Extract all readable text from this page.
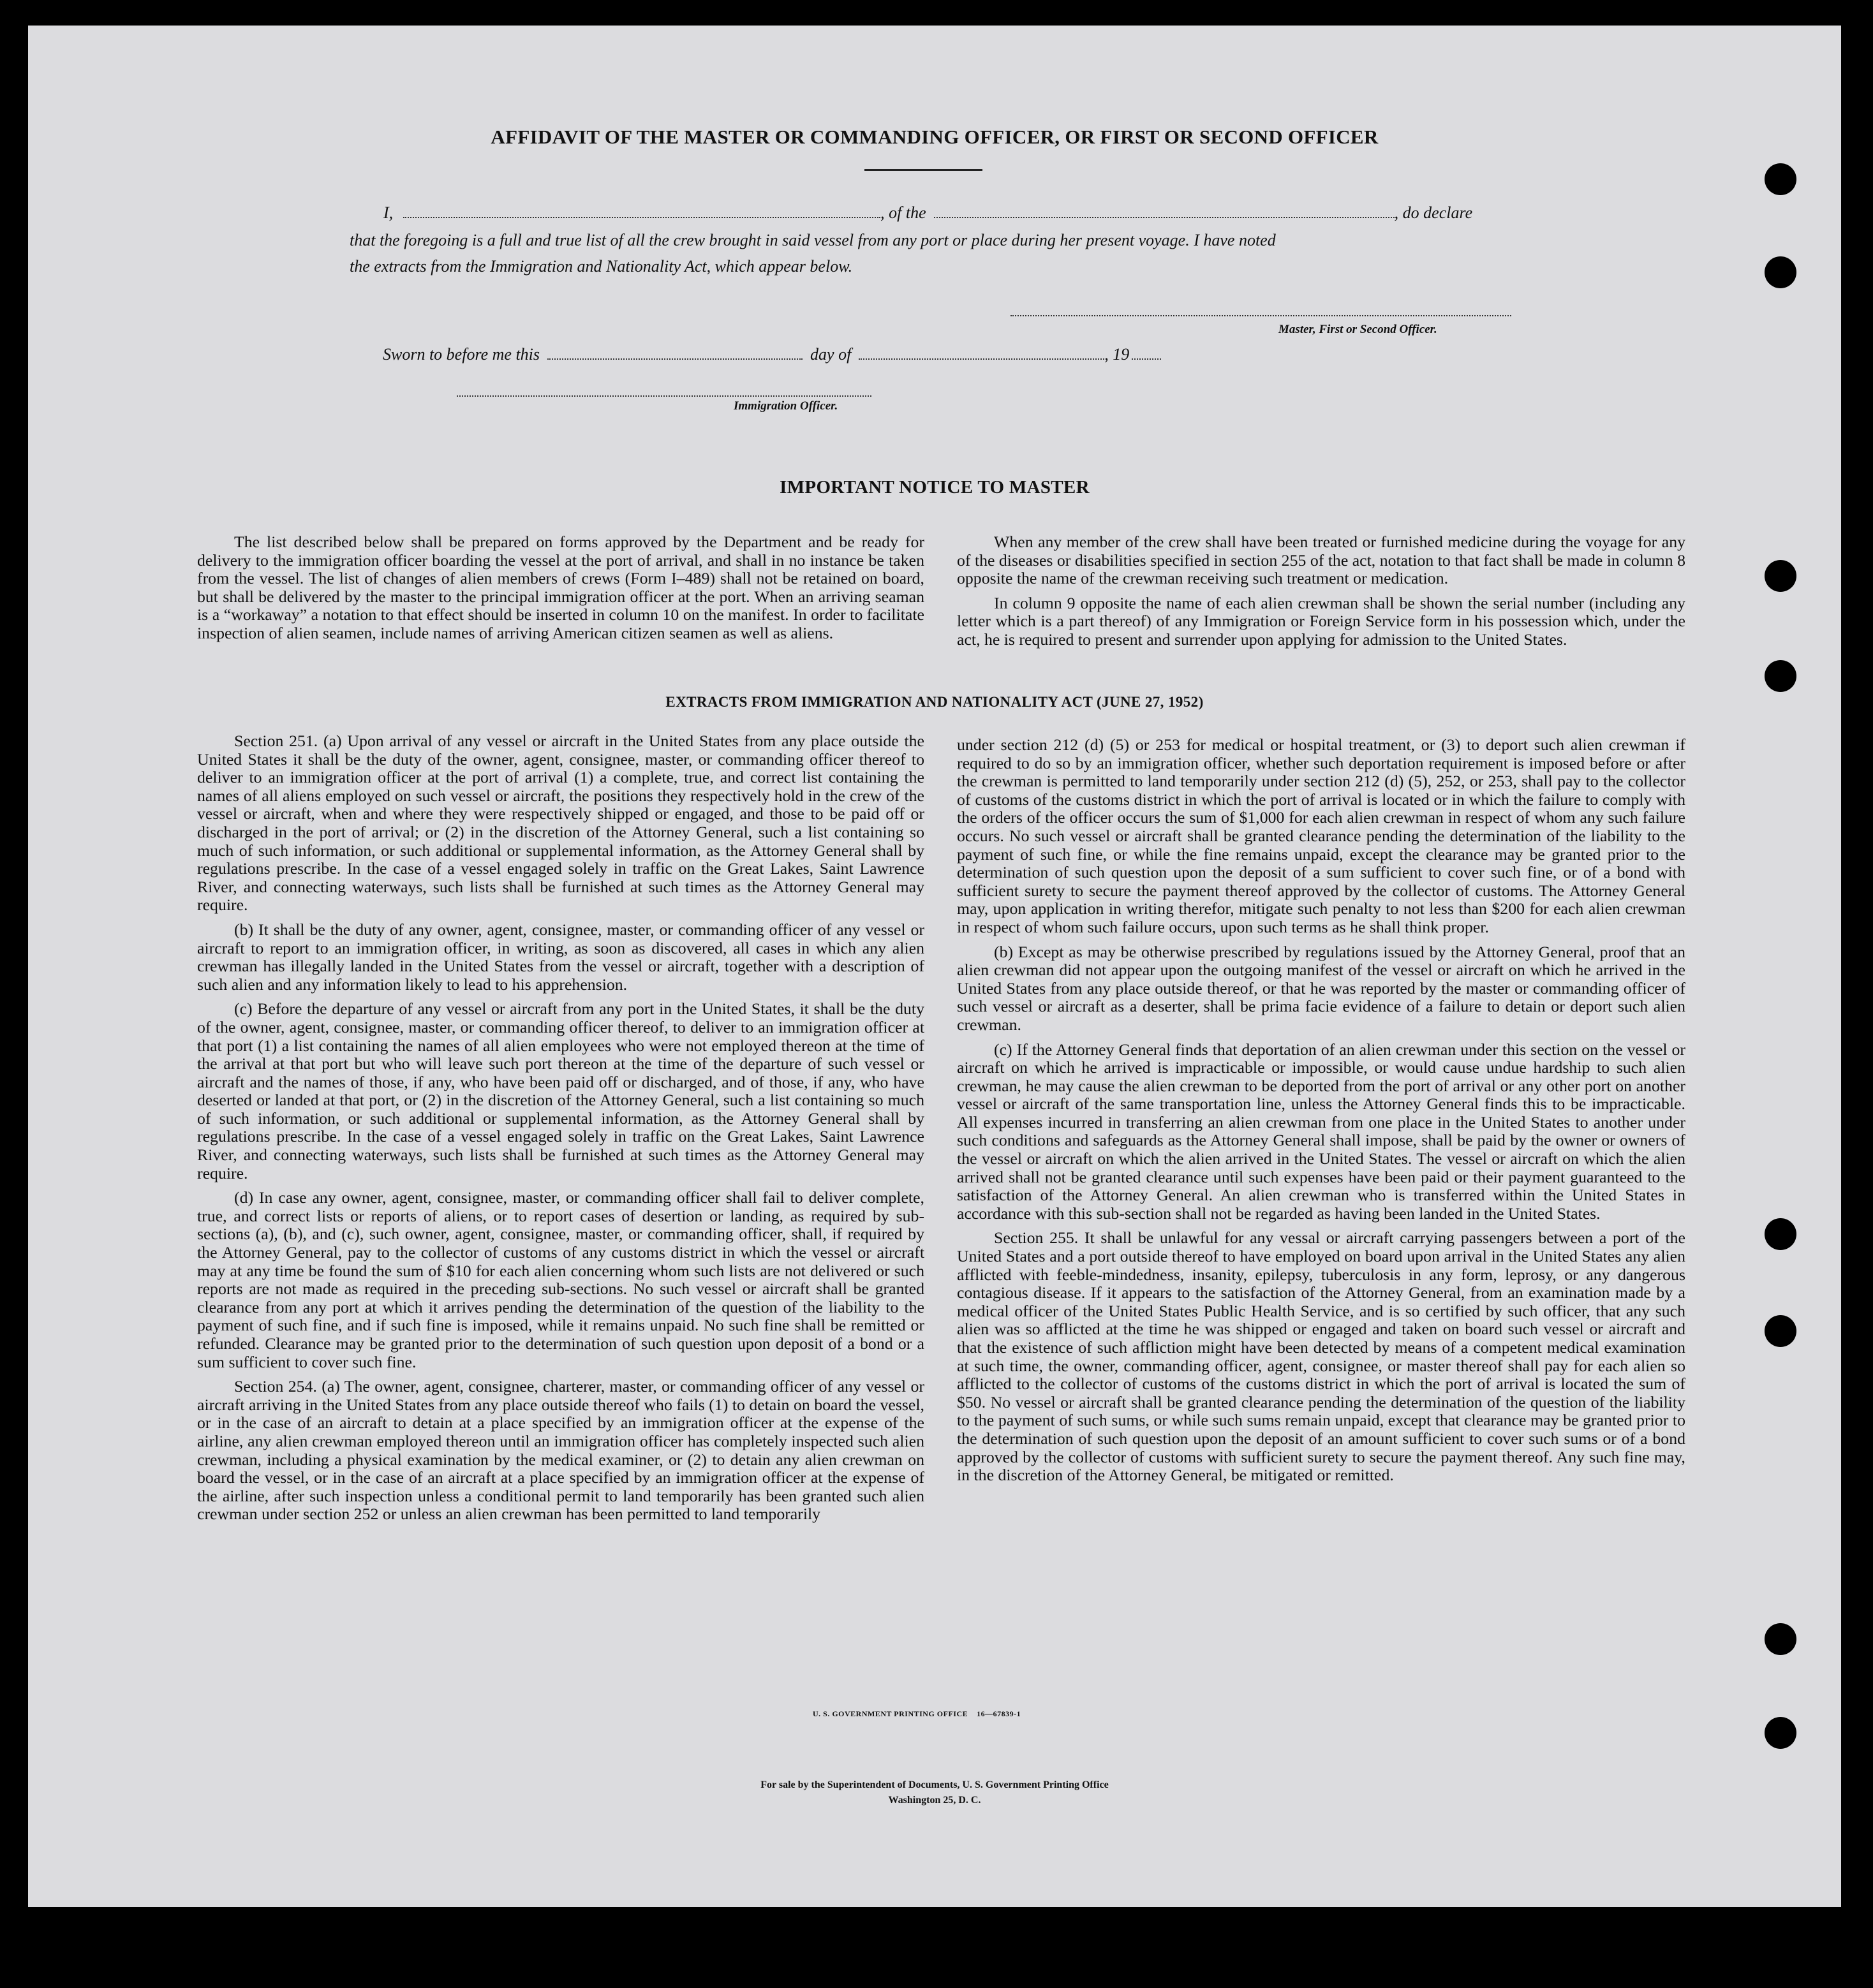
AFFIDAVIT OF THE MASTER OR COMMANDING OFFICER, OR FIRST OR SECOND OFFICER
I,	, of the	, do declare
that the foregoing is a full and true list of all the crew brought in said vessel from any port or place during her present voyage. I have noted
the extracts from the Immigration and Nationality Act, which appear below.
Master, First or Second Officer.
Sworn to before me this	day of	, 19
Immigration Officer.
IMPORTANT NOTICE TO MASTER

The list described below shall be prepared on forms approved by the Department and be ready for delivery to the immigration officer boarding the vessel at the port of arrival, and shall in no instance be taken from the vessel. The list of changes of alien members of crews (Form I–489) shall not be retained on board, but shall be delivered by the master to the principal immigration officer at the port. When an arriving seaman is a “workaway” a notation to that effect should be inserted in column 10 on the manifest. In order to facilitate inspection of alien seamen, include names of arriving American citizen seamen as well as aliens.

When any member of the crew shall have been treated or furnished medicine during the voyage for any of the diseases or disabilities specified in section 255 of the act, notation to that fact shall be made in column 8 opposite the name of the crewman receiving such treatment or medication.

In column 9 opposite the name of each alien crewman shall be shown the serial number (including any letter which is a part thereof) of any Immigration or Foreign Service form in his possession which, under the act, he is required to present and surrender upon applying for admission to the United States.

EXTRACTS FROM IMMIGRATION AND NATIONALITY ACT (JUNE 27, 1952)

Section 251. (a) Upon arrival of any vessel or aircraft in the United States from any place outside the United States it shall be the duty of the owner, agent, consignee, master, or commanding officer thereof to deliver to an immigration officer at the port of arrival (1) a complete, true, and correct list containing the names of all aliens employed on such vessel or aircraft, the positions they respectively hold in the crew of the vessel or aircraft, when and where they were respectively shipped or engaged, and those to be paid off or discharged in the port of arrival; or (2) in the discretion of the Attorney General, such a list containing so much of such information, or such additional or supplemental information, as the Attorney General shall by regulations prescribe. In the case of a vessel engaged solely in traffic on the Great Lakes, Saint Lawrence River, and connecting waterways, such lists shall be furnished at such times as the Attorney General may require.

(b) It shall be the duty of any owner, agent, consignee, master, or commanding officer of any vessel or aircraft to report to an immigration officer, in writing, as soon as discovered, all cases in which any alien crewman has illegally landed in the United States from the vessel or aircraft, together with a description of such alien and any information likely to lead to his apprehension.

(c) Before the departure of any vessel or aircraft from any port in the United States, it shall be the duty of the owner, agent, consignee, master, or commanding officer thereof, to deliver to an immigration officer at that port (1) a list containing the names of all alien employees who were not employed thereon at the time of the arrival at that port but who will leave such port thereon at the time of the departure of such vessel or aircraft and the names of those, if any, who have been paid off or discharged, and of those, if any, who have deserted or landed at that port, or (2) in the discretion of the Attorney General, such a list containing so much of such information, or such additional or supplemental information, as the Attorney General shall by regulations prescribe. In the case of a vessel engaged solely in traffic on the Great Lakes, Saint Lawrence River, and connecting waterways, such lists shall be furnished at such times as the Attorney General may require.

(d) In case any owner, agent, consignee, master, or commanding officer shall fail to deliver complete, true, and correct lists or reports of aliens, or to report cases of desertion or landing, as required by sub-sections (a), (b), and (c), such owner, agent, consignee, master, or commanding officer, shall, if required by the Attorney General, pay to the collector of customs of any customs district in which the vessel or aircraft may at any time be found the sum of $10 for each alien concerning whom such lists are not delivered or such reports are not made as required in the preceding sub-sections. No such vessel or aircraft shall be granted clearance from any port at which it arrives pending the determination of the question of the liability to the payment of such fine, and if such fine is imposed, while it remains unpaid. No such fine shall be remitted or refunded. Clearance may be granted prior to the determination of such question upon deposit of a bond or a sum sufficient to cover such fine.

Section 254. (a) The owner, agent, consignee, charterer, master, or commanding officer of any vessel or aircraft arriving in the United States from any place outside thereof who fails (1) to detain on board the vessel, or in the case of an aircraft to detain at a place specified by an immigration officer at the expense of the airline, any alien crewman employed thereon until an immigration officer has completely inspected such alien crewman, including a physical examination by the medical examiner, or (2) to detain any alien crewman on board the vessel, or in the case of an aircraft at a place specified by an immigration officer at the expense of the airline, after such inspection unless a conditional permit to land temporarily has been granted such alien crewman under section 252 or unless an alien crewman has been permitted to land temporarily

under section 212 (d) (5) or 253 for medical or hospital treatment, or (3) to deport such alien crewman if required to do so by an immigration officer, whether such deportation requirement is imposed before or after the crewman is permitted to land temporarily under section 212 (d) (5), 252, or 253, shall pay to the collector of customs of the customs district in which the port of arrival is located or in which the failure to comply with the orders of the officer occurs the sum of $1,000 for each alien crewman in respect of whom any such failure occurs. No such vessel or aircraft shall be granted clearance pending the determination of the liability to the payment of such fine, or while the fine remains unpaid, except the clearance may be granted prior to the determination of such question upon the deposit of a sum sufficient to cover such fine, or of a bond with sufficient surety to secure the payment thereof approved by the collector of customs. The Attorney General may, upon application in writing therefor, mitigate such penalty to not less than $200 for each alien crewman in respect of whom such failure occurs, upon such terms as he shall think proper.

(b) Except as may be otherwise prescribed by regulations issued by the Attorney General, proof that an alien crewman did not appear upon the outgoing manifest of the vessel or aircraft on which he arrived in the United States from any place outside thereof, or that he was reported by the master or commanding officer of such vessel or aircraft as a deserter, shall be prima facie evidence of a failure to detain or deport such alien crewman.

(c) If the Attorney General finds that deportation of an alien crewman under this section on the vessel or aircraft on which he arrived is impracticable or impossible, or would cause undue hardship to such alien crewman, he may cause the alien crewman to be deported from the port of arrival or any other port on another vessel or aircraft of the same transportation line, unless the Attorney General finds this to be impracticable. All expenses incurred in transferring an alien crewman from one place in the United States to another under such conditions and safeguards as the Attorney General shall impose, shall be paid by the owner or owners of the vessel or aircraft on which the alien arrived in the United States. The vessel or aircraft on which the alien arrived shall not be granted clearance until such expenses have been paid or their payment guaranteed to the satisfaction of the Attorney General. An alien crewman who is transferred within the United States in accordance with this sub-section shall not be regarded as having been landed in the United States.

Section 255. It shall be unlawful for any vessal or aircraft carrying passengers between a port of the United States and a port outside thereof to have employed on board upon arrival in the United States any alien afflicted with feeble-mindedness, insanity, epilepsy, tuberculosis in any form, leprosy, or any dangerous contagious disease. If it appears to the satisfaction of the Attorney General, from an examination made by a medical officer of the United States Public Health Service, and is so certified by such officer, that any such alien was so afflicted at the time he was shipped or engaged and taken on board such vessel or aircraft and that the existence of such affliction might have been detected by means of a competent medical examination at such time, the owner, commanding officer, agent, consignee, or master thereof shall pay for each alien so afflicted to the collector of customs of the customs district in which the port of arrival is located the sum of $50. No vessel or aircraft shall be granted clearance pending the determination of the question of the liability to the payment of such sums, or while such sums remain unpaid, except that clearance may be granted prior to the determination of such question upon the deposit of an amount sufficient to cover such sums or of a bond approved by the collector of customs with sufficient surety to secure the payment thereof. Any such fine may, in the discretion of the Attorney General, be mitigated or remitted.

U. S. GOVERNMENT PRINTING OFFICE    16—67839-1
For sale by the Superintendent of Documents, U. S. Government Printing Office
Washington 25, D. C.
